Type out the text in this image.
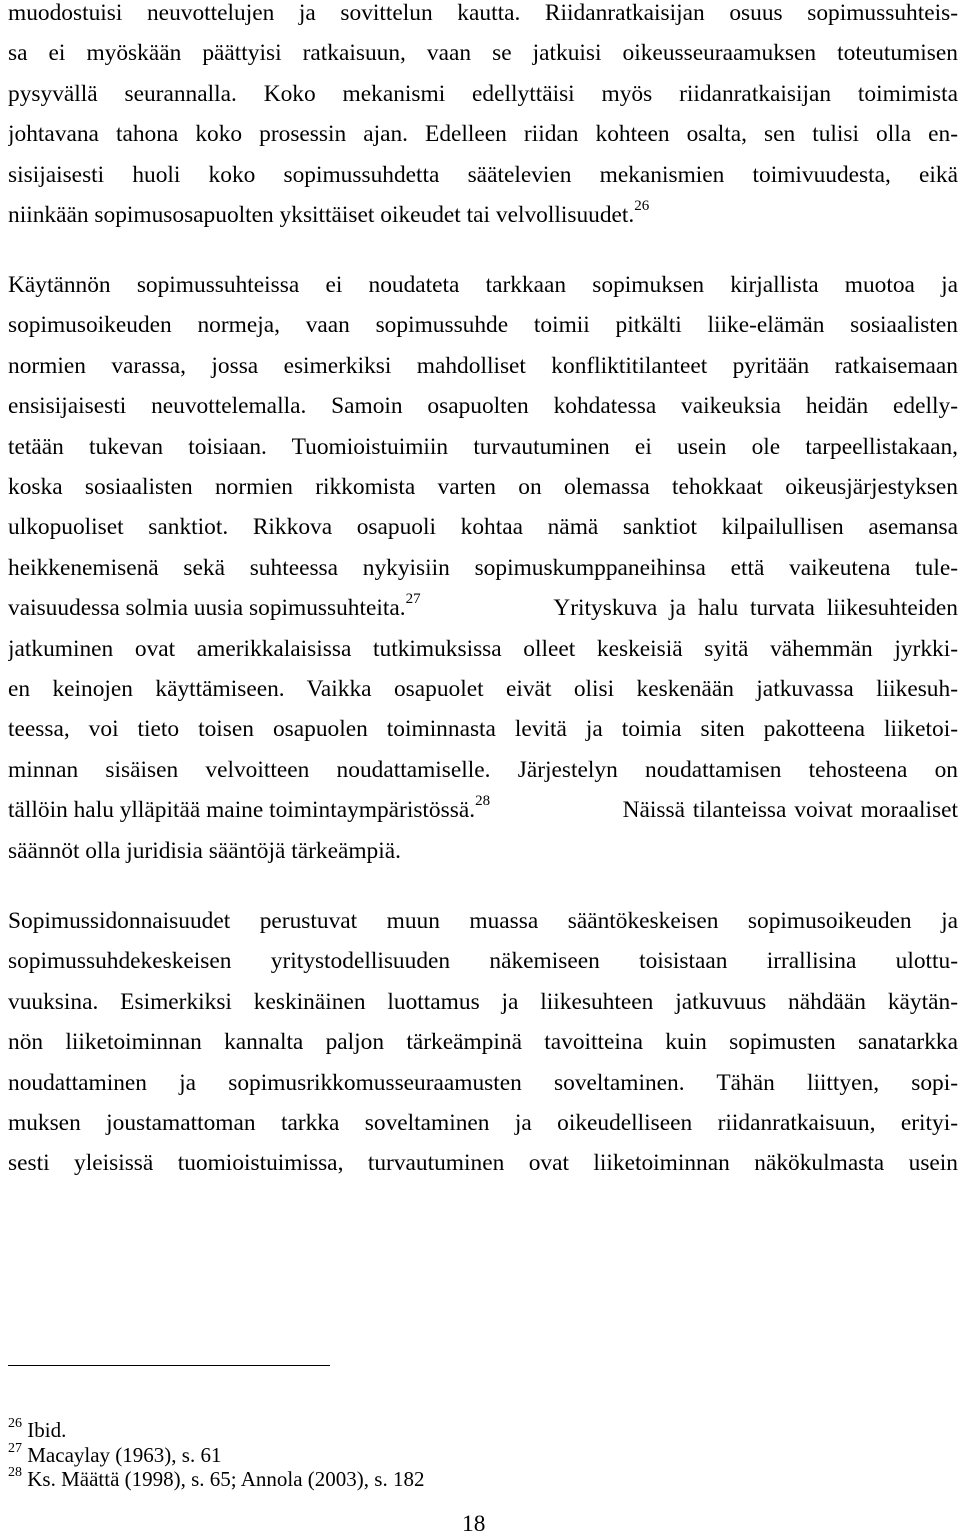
muodostuisi neuvottelujen ja sovittelun kautta. Riidanratkaisijan osuus sopimussuhteis-
sa ei myöskään päättyisi ratkaisuun, vaan se jatkuisi oikeusseuraamuksen toteutumisen
pysyvällä seurannalla. Koko mekanismi edellyttäisi myös riidanratkaisijan toimimista
johtavana tahona koko prosessin ajan. Edelleen riidan kohteen osalta, sen tulisi olla en-
sisijaisesti huoli koko sopimussuhdetta säätelevien mekanismien toimivuudesta, eikä
niinkään sopimusosapuolten yksittäiset oikeudet tai velvollisuudet.$^{26}$
Käytännön sopimussuhteissa ei noudateta tarkkaan sopimuksen kirjallista muotoa ja
sopimusoikeuden normeja, vaan sopimussuhde toimii pitkälti liike-elämän sosiaalisten
normien varassa, jossa esimerkiksi mahdolliset konfliktitilanteet pyritään ratkaisemaan
ensisijaisesti neuvottelemalla. Samoin osapuolten kohdatessa vaikeuksia heidän edelly-
tetään tukevan toisiaan. Tuomioistuimiin turvautuminen ei usein ole tarpeellistakaan,
koska sosiaalisten normien rikkomista varten on olemassa tehokkaat oikeusjärjestyksen
ulkopuoliset sanktiot. Rikkova osapuoli kohtaa nämä sanktiot kilpailullisen asemansa
heikkenemisenä sekä suhteessa nykyisiin sopimuskumppaneihinsa että vaikeutena tule-
vaisuudessa solmia uusia sopimussuhteita.$^{27}$	Yrityskuva ja halu turvata liikesuhteiden
jatkuminen ovat amerikkalaisissa tutkimuksissa olleet keskeisiä syitä vähemmän jyrkki-
en keinojen käyttämiseen. Vaikka osapuolet eivät olisi keskenään jatkuvassa liikesuh-
teessa, voi tieto toisen osapuolen toiminnasta levitä ja toimia siten pakotteena liiketoi-
minnan sisäisen velvoitteen noudattamiselle. Järjestelyn noudattamisen tehosteena on
tällöin halu ylläpitää maine toimintaympäristössä.$^{28}$	Näissä tilanteissa voivat moraaliset
säännöt olla juridisia sääntöjä tärkeämpiä.
Sopimussidonnaisuudet perustuvat muun muassa sääntökeskeisen sopimusoikeuden ja
sopimussuhdekeskeisen yritystodellisuuden näkemiseen toisistaan irrallisina ulottu-
vuuksina. Esimerkiksi keskinäinen luottamus ja liikesuhteen jatkuvuus nähdään käytän-
nön liiketoiminnan kannalta paljon tärkeämpinä tavoitteina kuin sopimusten sanatarkka
noudattaminen ja sopimusrikkomusseuraamusten soveltaminen. Tähän liittyen, sopi-
muksen joustamattoman tarkka soveltaminen ja oikeudelliseen riidanratkaisuun, erityi-
sesti yleisissä tuomioistuimissa, turvautuminen ovat liiketoiminnan näkökulmasta usein
$^{26}$ Ibid.
$^{27}$ Macaylay (1963), s. 61
$^{28}$ Ks. Määttä (1998), s. 65; Annola (2003), s. 182
18
